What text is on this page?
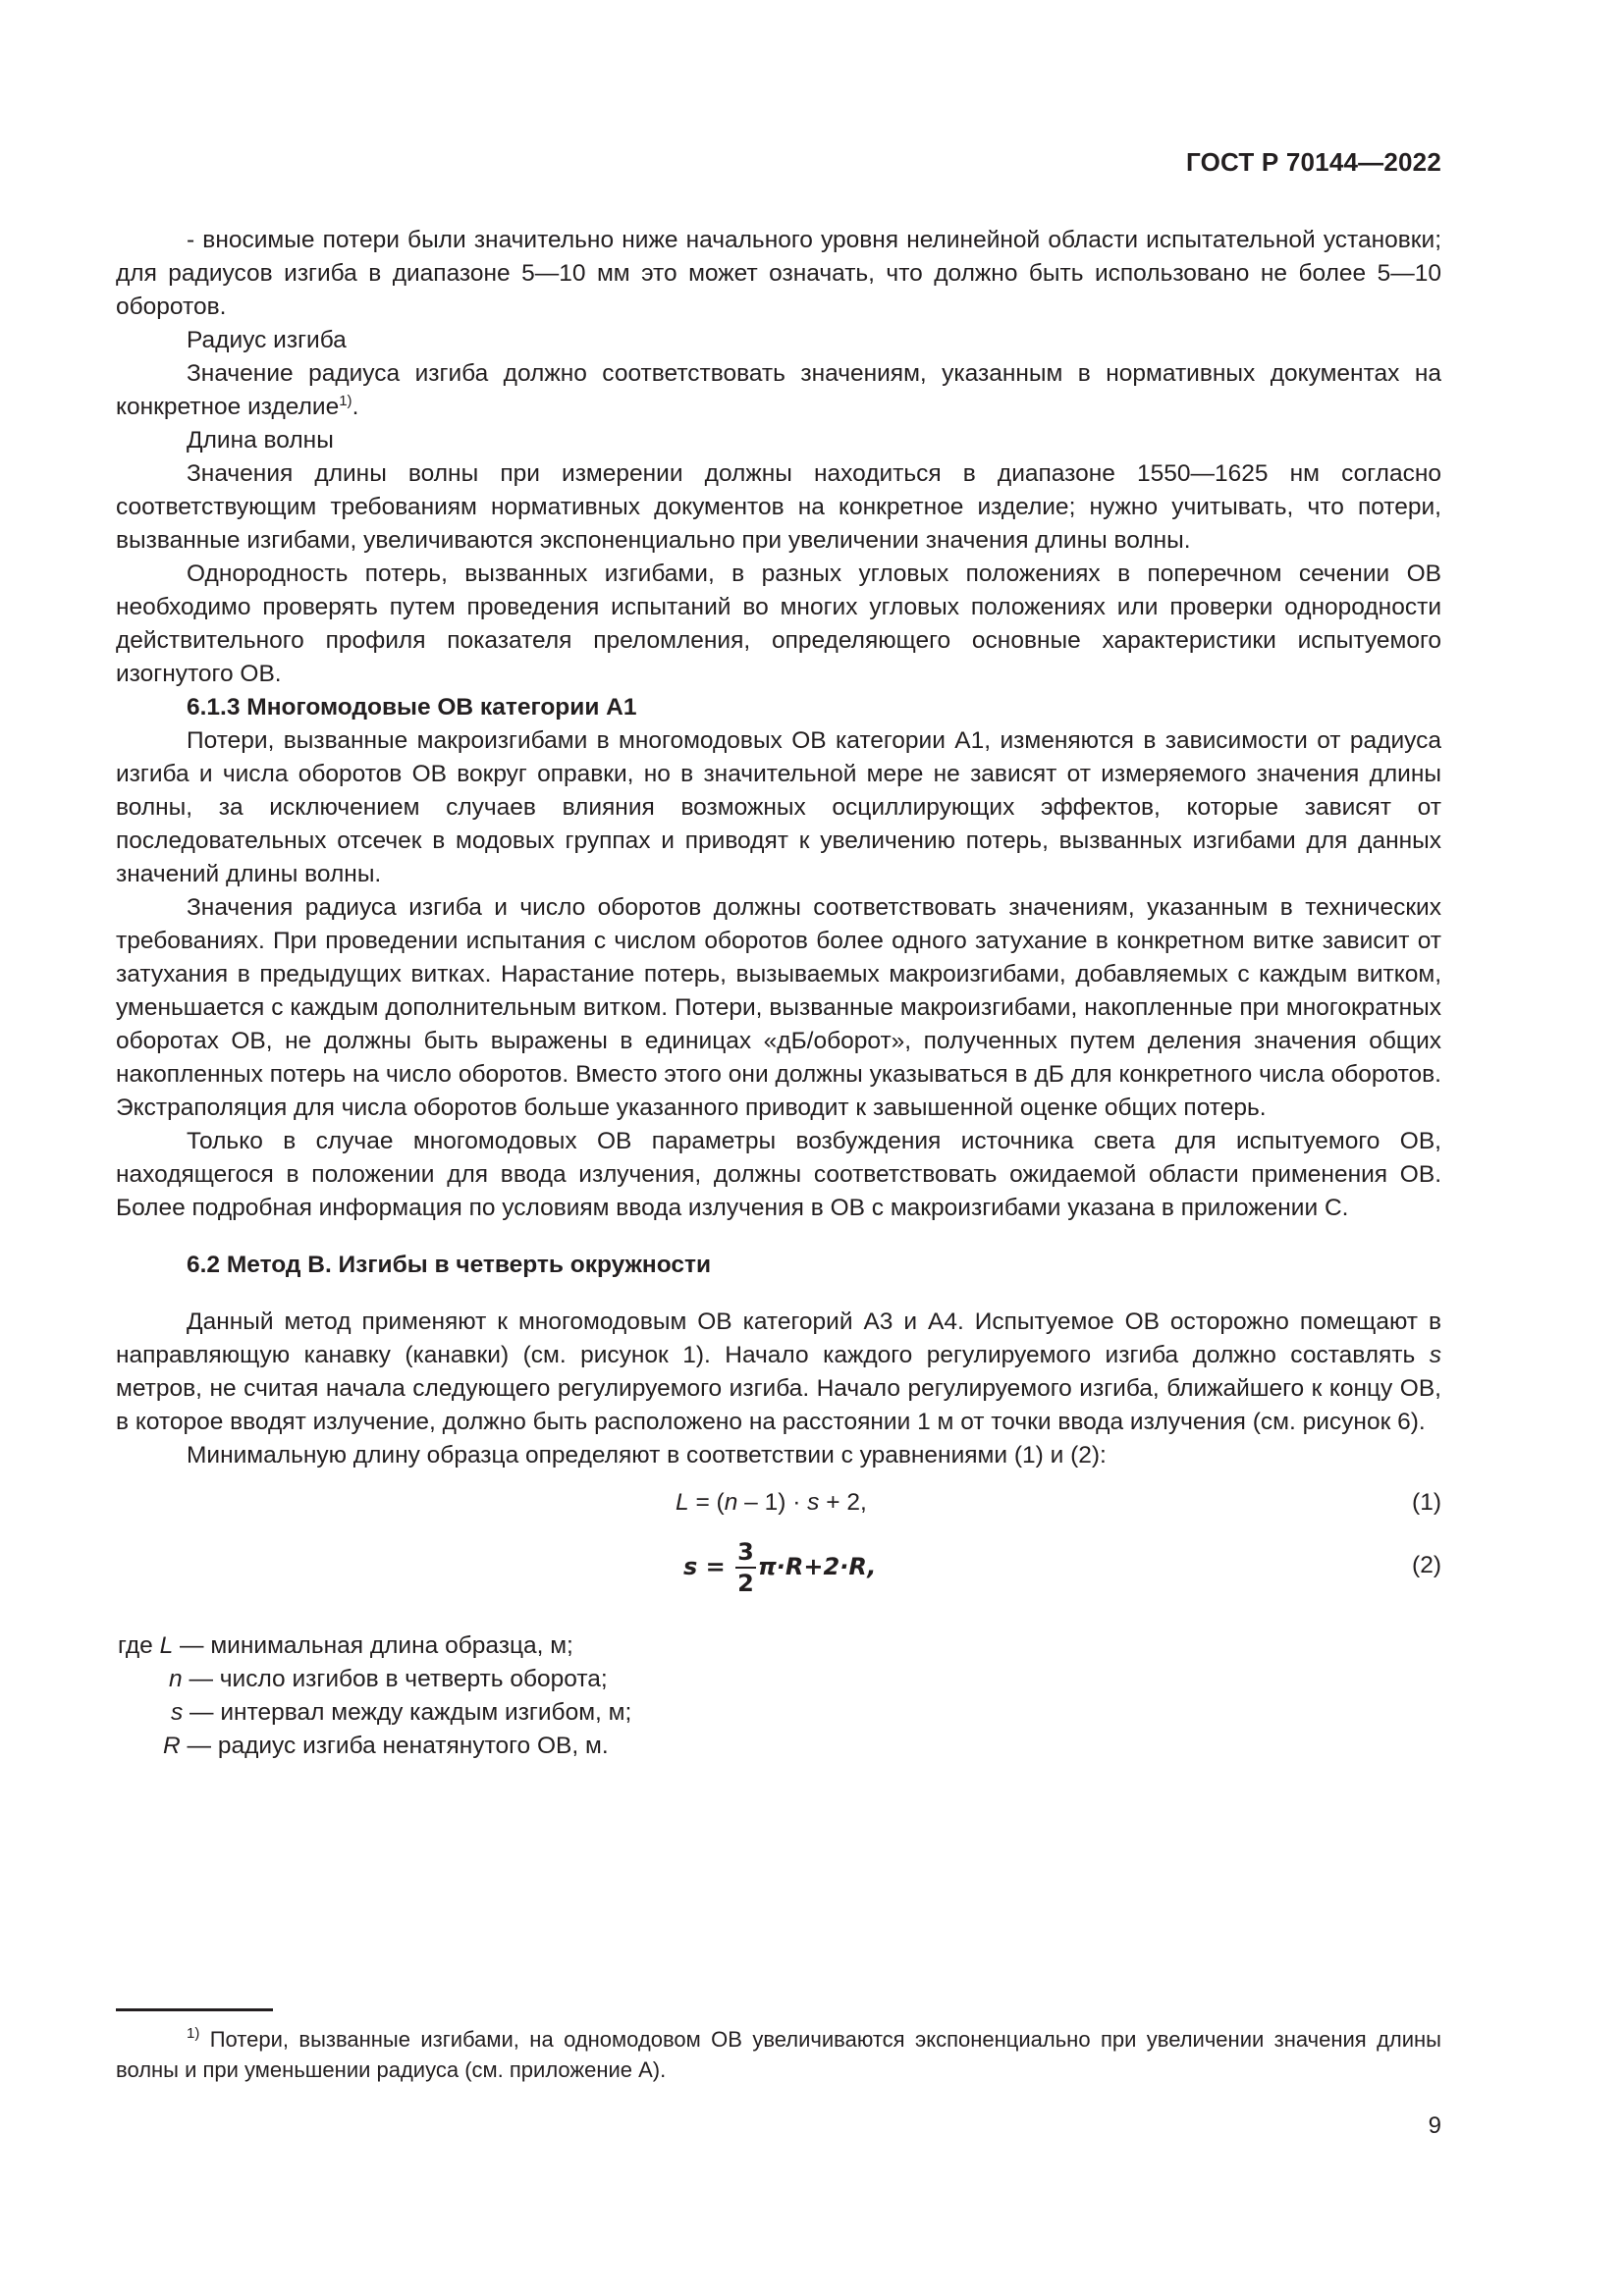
ГОСТ Р 70144—2022

- вносимые потери были значительно ниже начального уровня нелинейной области испытательной установки; для радиусов изгиба в диапазоне 5—10 мм это может означать, что должно быть использовано не более 5—10 оборотов.

Радиус изгиба

Значение радиуса изгиба должно соответствовать значениям, указанным в нормативных документах на конкретное изделие$^{1)}$.

Длина волны

Значения длины волны при измерении должны находиться в диапазоне 1550—1625 нм согласно соответствующим требованиям нормативных документов на конкретное изделие; нужно учитывать, что потери, вызванные изгибами, увеличиваются экспоненциально при увеличении значения длины волны.

Однородность потерь, вызванных изгибами, в разных угловых положениях в поперечном сечении ОВ необходимо проверять путем проведения испытаний во многих угловых положениях или проверки однородности действительного профиля показателя преломления, определяющего основные характеристики испытуемого изогнутого ОВ.

6.1.3 Многомодовые ОВ категории А1

Потери, вызванные макроизгибами в многомодовых ОВ категории А1, изменяются в зависимости от радиуса изгиба и числа оборотов ОВ вокруг оправки, но в значительной мере не зависят от измеряемого значения длины волны, за исключением случаев влияния возможных осциллирующих эффектов, которые зависят от последовательных отсечек в модовых группах и приводят к увеличению потерь, вызванных изгибами для данных значений длины волны.

Значения радиуса изгиба и число оборотов должны соответствовать значениям, указанным в технических требованиях. При проведении испытания с числом оборотов более одного затухание в конкретном витке зависит от затухания в предыдущих витках. Нарастание потерь, вызываемых макроизгибами, добавляемых с каждым витком, уменьшается с каждым дополнительным витком. Потери, вызванные макроизгибами, накопленные при многократных оборотах ОВ, не должны быть выражены в единицах «дБ/оборот», полученных путем деления значения общих накопленных потерь на число оборотов. Вместо этого они должны указываться в дБ для конкретного числа оборотов. Экстраполяция для числа оборотов больше указанного приводит к завышенной оценке общих потерь.

Только в случае многомодовых ОВ параметры возбуждения источника света для испытуемого ОВ, находящегося в положении для ввода излучения, должны соответствовать ожидаемой области применения ОВ. Более подробная информация по условиям ввода излучения в ОВ с макроизгибами указана в приложении С.

6.2 Метод В. Изгибы в четверть окружности

Данный метод применяют к многомодовым ОВ категорий А3 и А4. Испытуемое ОВ осторожно помещают в направляющую канавку (канавки) (см. рисунок 1). Начало каждого регулируемого изгиба должно составлять s метров, не считая начала следующего регулируемого изгиба. Начало регулируемого изгиба, ближайшего к концу ОВ, в которое вводят излучение, должно быть расположено на расстоянии 1 м от точки ввода излучения (см. рисунок 6).

Минимальную длину образца определяют в соответствии с уравнениями (1) и (2):

L = (n – 1) · s + 2,	(1)
$s = \frac{3}{2} \pi\cdot R+2\cdot R$,	(2)
где L — минимальная длина образца, м;
n — число изгибов в четверть оборота;
s — интервал между каждым изгибом, м;
R — радиус изгиба ненатянутого ОВ, м.
$^{1)}$ Потери, вызванные изгибами, на одномодовом ОВ увеличиваются экспоненциально при увеличении значения длины волны и при уменьшении радиуса (см. приложение А).
9
